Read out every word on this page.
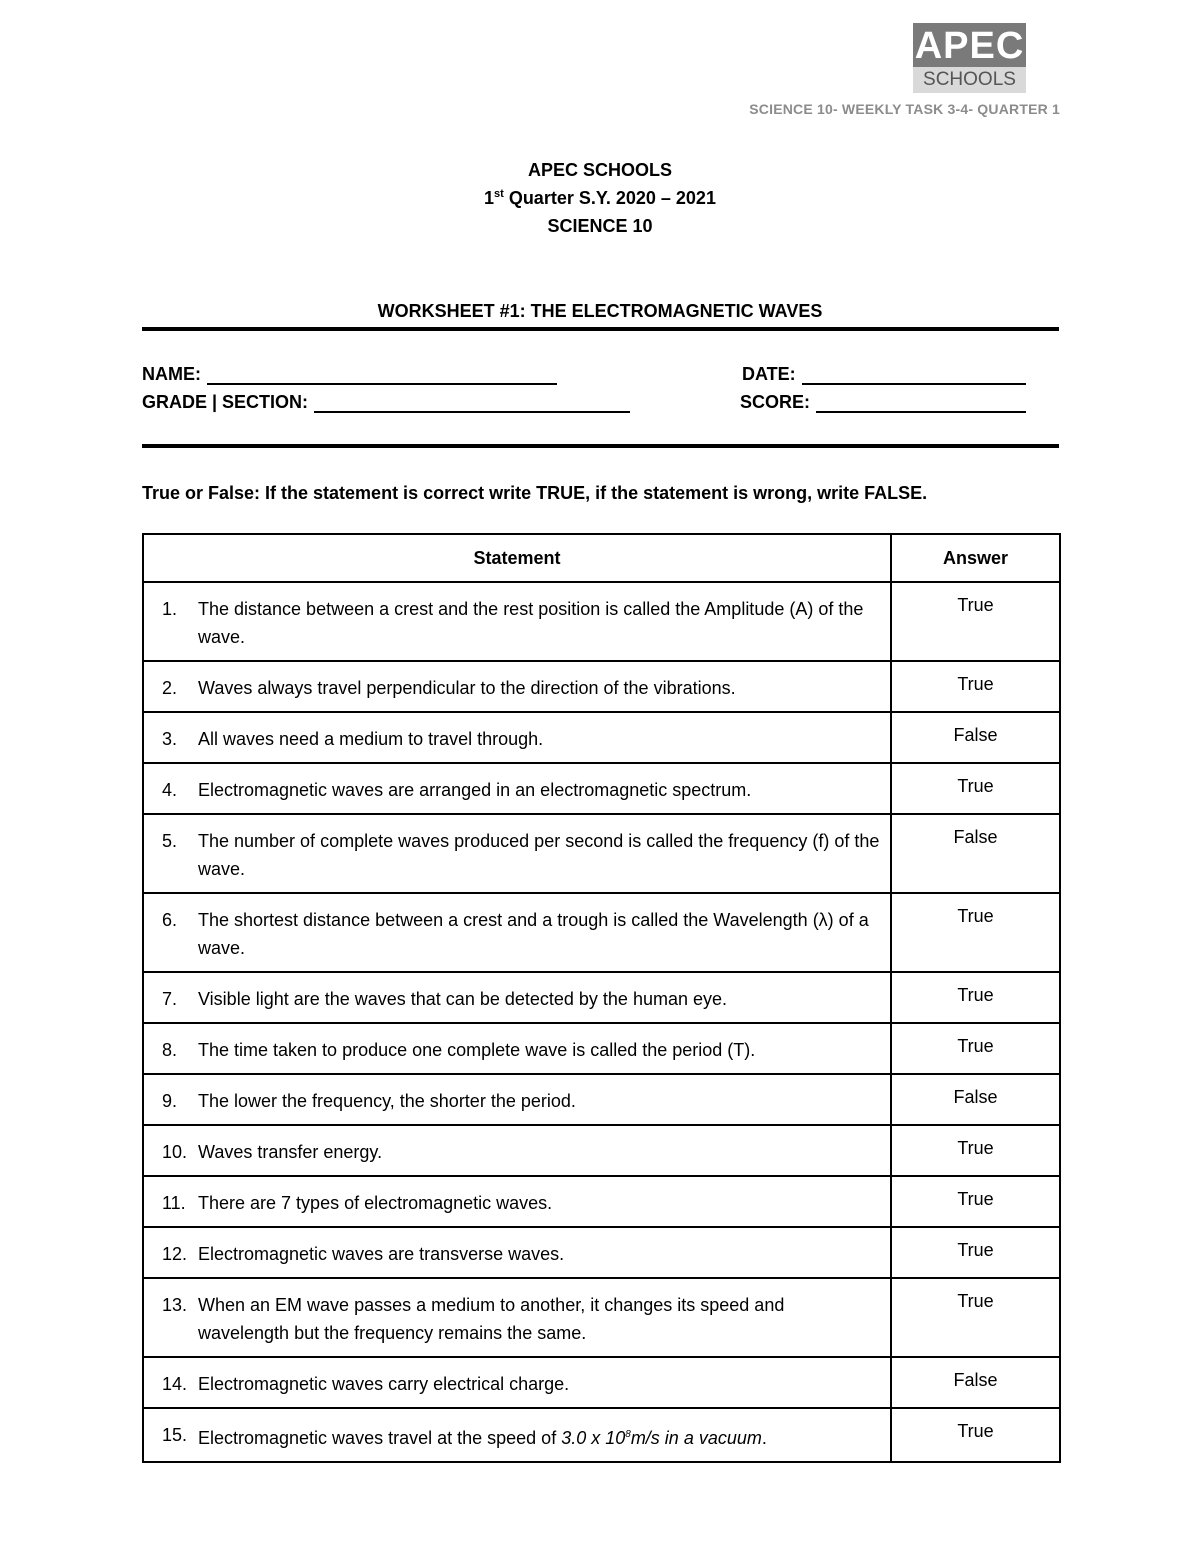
APEC
SCHOOLS
SCIENCE 10- WEEKLY TASK 3-4- QUARTER 1
APEC SCHOOLS
1st Quarter S.Y. 2020 – 2021
SCIENCE 10
WORKSHEET #1: THE ELECTROMAGNETIC WAVES
NAME:
GRADE | SECTION:
DATE:
SCORE:
True or False: If the statement is correct write TRUE, if the statement is wrong, write FALSE.
Statement	Answer

1. The distance between a crest and the rest position is called the Amplitude (A) of the wave.	True

2. Waves always travel perpendicular to the direction of the vibrations.	True

3. All waves need a medium to travel through.	False

4. Electromagnetic waves are arranged in an electromagnetic spectrum.	True

5. The number of complete waves produced per second is called the frequency (f) of the wave.	False

6. The shortest distance between a crest and a trough is called the Wavelength (λ) of a wave.	True

7. Visible light are the waves that can be detected by the human eye.	True

8. The time taken to produce one complete wave is called the period (T).	True

9. The lower the frequency, the shorter the period.	False

10. Waves transfer energy.	True

11. There are 7 types of electromagnetic waves.	True

12. Electromagnetic waves are transverse waves.	True

13. When an EM wave passes a medium to another, it changes its speed and wavelength but the frequency remains the same.	True

14. Electromagnetic waves carry electrical charge.	False

15. Electromagnetic waves travel at the speed of 3.0 x $10^8m/s$ in a vacuum.	True
